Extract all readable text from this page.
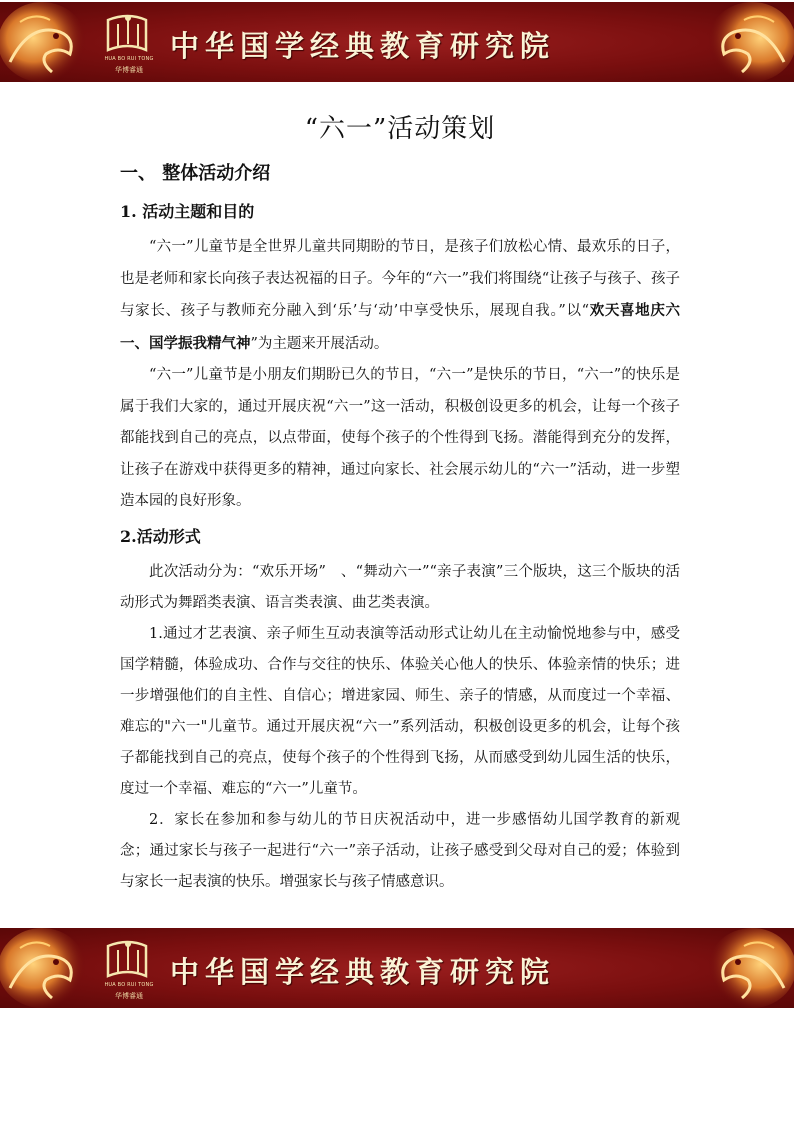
HUA BO RUI TONG
华博睿通
中华国学经典教育研究院
“六一”活动策划
一、 整体活动介绍
1. 活动主题和目的

“六一”儿童节是全世界儿童共同期盼的节日，是孩子们放松心情、最欢乐的日子，也是老师和家长向孩子表达祝福的日子。今年的“六一”我们将围绕“让孩子与孩子、孩子与家长、孩子与教师充分融入到‘乐’与‘动’中享受快乐，展现自我。”以“欢天喜地庆六一、国学振我精气神”为主题来开展活动。

“六一”儿童节是小朋友们期盼已久的节日，“六一”是快乐的节日，“六一”的快乐是属于我们大家的，通过开展庆祝“六一”这一活动，积极创设更多的机会，让每一个孩子都能找到自己的亮点，以点带面，使每个孩子的个性得到飞扬。潜能得到充分的发挥，让孩子在游戏中获得更多的精神，通过向家长、社会展示幼儿的“六一”活动，进一步塑造本园的良好形象。

2.活动形式

此次活动分为：“欢乐开场”　、“舞动六一”“亲子表演”三个版块，这三个版块的活动形式为舞蹈类表演、语言类表演、曲艺类表演。

1.通过才艺表演、亲子师生互动表演等活动形式让幼儿在主动愉悦地参与中，感受国学精髓，体验成功、合作与交往的快乐、体验关心他人的快乐、体验亲情的快乐；进一步增强他们的自主性、自信心；增进家园、师生、亲子的情感，从而度过一个幸福、难忘的"六一"儿童节。通过开展庆祝“六一”系列活动，积极创设更多的机会，让每个孩子都能找到自己的亮点，使每个孩子的个性得到飞扬，从而感受到幼儿园生活的快乐，度过一个幸福、难忘的“六一”儿童节。

2．家长在参加和参与幼儿的节日庆祝活动中，进一步感悟幼儿国学教育的新观念；通过家长与孩子一起进行“六一”亲子活动，让孩子感受到父母对自己的爱；体验到与家长一起表演的快乐。增强家长与孩子情感意识。

HUA BO RUI TONG
华博睿通
中华国学经典教育研究院
